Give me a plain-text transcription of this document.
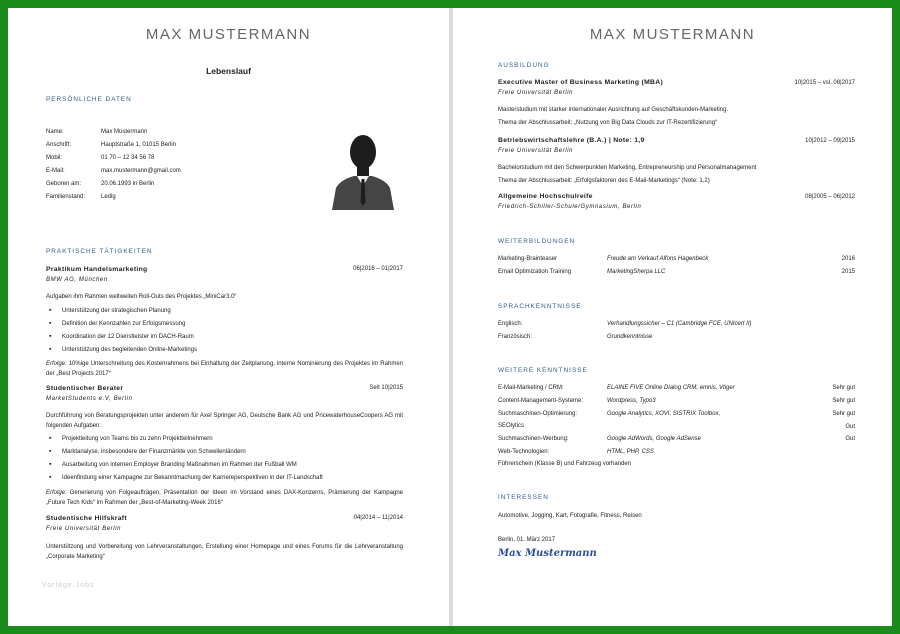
MAX MUSTERMANN
Lebenslauf
PERSÖNLICHE DATEN
Name:	Max Mustermann
Anschrift:	Hauptstraße 1, 01015 Berlin
Mobil:	01 70 – 12 34 56 78
E-Mail:	max.mustermann@gmail.com
Geboren am:	20.06.1993 in Berlin
Familienstand:	Ledig
PRAKTISCHE TÄTIGKEITEN
Praktikum Handelsmarketing	06|2016 – 01|2017
BMW AG, München
Aufgaben ihm Rahmen weltweiten Roll-Outs des Projektes „MiniCar3.0“
▪ Unterstützung der strategischen Planung
▪ Definition der Kennzahlen zur Erfolgsmessung
▪ Koordination der 12 Dienstleister im DACH-Raum
▪ Unterstützung des begleitenden Online-Marketings
Erfolge: 10%ige Unterschreitung des Kostenrahmens bei Einhaltung der Zeitplanung, interne Nominierung des Projektes im Rahmen der „Best Projects 2017“
Studentischer Berater	Seit 10|2015
MarketStudents e.V, Berlin
Durchführung von Beratungsprojekten unter anderem für Axel Springer AG, Deutsche Bank AG und PricewaterhouseCoopers AG mit folgenden Aufgaben:
▪ Projektleitung von Teams bis zu zehn Projektteilnehmern
▪ Marktanalyse, insbesondere der Finanzmärkte von Schwellenländern
▪ Ausarbeitung von internen Employer Branding Maßnahmen im Rahmen der Fußball WM
▪ Ideenfindung einer Kampagne zur Bekanntmachung der Karriereperspektiven in der IT-Landschaft
Erfolge: Generierung von Folgeaufträgen, Präsentation der Ideen im Vorstand eines DAX-Konzerns, Prämierung der Kampagne „Future Tech Kids“ im Rahmen der „Best-of-Marketing-Week 2016“
Studentische Hilfskraft	04|2014 – 11|2014
Freie Universität Berlin
Unterstützung und Vorbereitung von Lehrveranstaltungen, Erstellung einer Homepage und eines Forums für die Lehrveranstaltung „Corporate Marketing“
Vorlage.Jobs
MAX MUSTERMANN
AUSBILDUNG
Executive Master of Business Marketing (MBA)	10|2015 – vsl. 08|2017
Freie Universität Berlin
Masterstudium mit starker internationaler Ausrichtung auf Geschäftskunden-Marketing.
Thema der Abschlussarbeit: „Nutzung von Big Data Clouds zur IT-Rezertifizierung“
Betriebswirtschaftslehre (B.A.) | Note: 1,9	10|2012 – 09|2015
Freie Universität Berlin
Bachelorstudium mit den Schwerpunkten Marketing, Entrepreneurship und Personalmanagement
Thema der Abschlussarbeit: „Erfolgsfaktoren des E-Mail-Marketings“ (Note: 1,2)
Allgemeine Hochschulreife	08|2005 – 06|2012
Friedrich-Schiller-Schule/Gymnasium, Berlin
WEITERBILDUNGEN
Marketing-Brainteaser	Freude am Verkauf Alfons Hagenbeck	2016
Email Optimization Training	MarketingSherpa LLC	2015
SPRACHKENNTNISSE
Englisch:	Verhandlungssicher – C1 (Cambridge FCE, UNIcert II)
Französisch:	Grundkenntnisse
WEITERE KENNTNISSE
E-Mail-Marketing / CRM:	ELAINE FIVE Online Dialog CRM, emnis, Vtiger	Sehr gut
Content-Management-Systeme:	Wordpress, Typo3	Sehr gut
Suchmaschinen-Optimierung:	Google Analytics, XOVI, SISTRIX Toolbox,	Sehr gut
SEOlytics	Gut
Suchmaschinen-Werbung:	Google AdWords, Google AdSense	Gut
Web-Technologien:	HTML, PHP, CSS
Führerschein (Klasse B) und Fahrzeug vorhanden
INTERESSEN
Automotive, Jogging, Kart, Fotografie, Fitness, Reisen
Berlin, 01. März 2017
Max Mustermann
